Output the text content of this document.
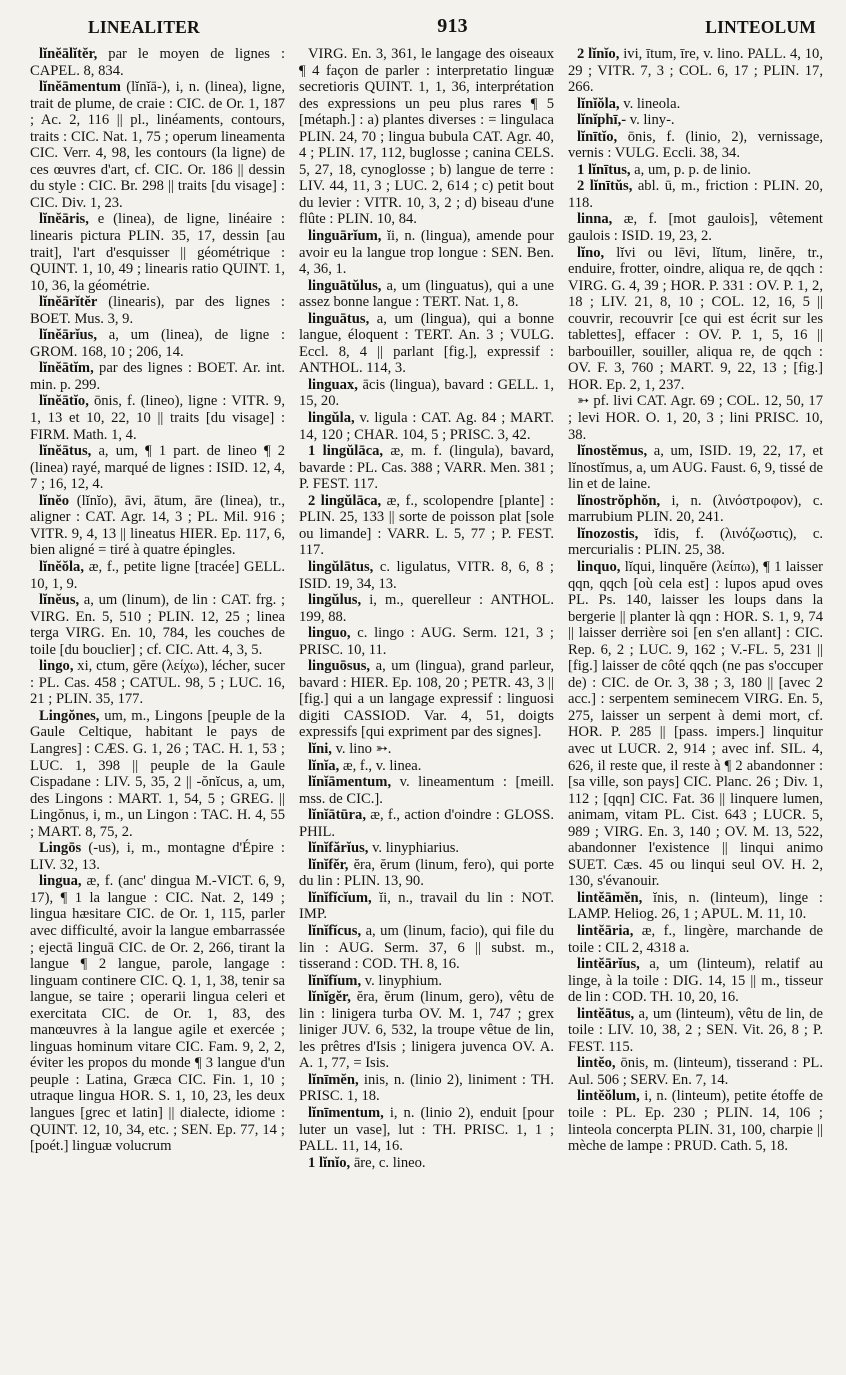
LINEALITER	913	LINTEOLUM

lĭnĕālĭtĕr, par le moyen de lignes : CAPEL. 8, 834.

lĭnĕāmentum (lĭnĭā-), i, n. (linea), ligne, trait de plume, de craie : CIC. de Or. 1, 187 ; Ac. 2, 116 || pl., linéaments, contours, traits : CIC. Nat. 1, 75 ; operum lineamenta CIC. Verr. 4, 98, les contours (la ligne) de ces œuvres d'art, cf. CIC. Or. 186 || dessin du style : CIC. Br. 298 || traits [du visage] : CIC. Div. 1, 23.

lĭnĕāris, e (linea), de ligne, linéaire : linearis pictura PLIN. 35, 17, dessin [au trait], l'art d'esquisser || géométrique : QUINT. 1, 10, 49 ; linearis ratio QUINT. 1, 10, 36, la géométrie.

lĭnĕārĭtĕr (linearis), par des lignes : BOET. Mus. 3, 9.

lĭnĕārĭus, a, um (linea), de ligne : GROM. 168, 10 ; 206, 14.

lĭnĕātĭm, par des lignes : BOET. Ar. int. min. p. 299.

lĭnĕātĭo, ōnis, f. (lineo), ligne : VITR. 9, 1, 13 et 10, 22, 10 || traits [du visage] : FIRM. Math. 1, 4.

lĭnĕātus, a, um, ¶ 1 part. de lineo ¶ 2 (linea) rayé, marqué de lignes : ISID. 12, 4, 7 ; 16, 12, 4.

lĭnĕo (lĭnĭo), āvi, ātum, āre (linea), tr., aligner : CAT. Agr. 14, 3 ; PL. Mil. 916 ; VITR. 9, 4, 13 || lineatus HIER. Ep. 117, 6, bien aligné = tiré à quatre épingles.

lĭnĕŏla, æ, f., petite ligne [tracée] GELL. 10, 1, 9.

lĭnĕus, a, um (linum), de lin : CAT. frg. ; VIRG. En. 5, 510 ; PLIN. 12, 25 ; linea terga VIRG. En. 10, 784, les couches de toile [du bouclier] ; cf. CIC. Att. 4, 3, 5.

lingo, xi, ctum, gĕre (λείχω), lécher, sucer : PL. Cas. 458 ; CATUL. 98, 5 ; LUC. 16, 21 ; PLIN. 35, 177.

Lingŏnes, um, m., Lingons [peuple de la Gaule Celtique, habitant le pays de Langres] : CÆS. G. 1, 26 ; TAC. H. 1, 53 ; LUC. 1, 398 || peuple de la Gaule Cispadane : LIV. 5, 35, 2 || -ŏnĭcus, a, um, des Lingons : MART. 1, 54, 5 ; GREG. || Lingŏnus, i, m., un Lingon : TAC. H. 4, 55 ; MART. 8, 75, 2.

Lingōs (-us), i, m., montagne d'Épire : LIV. 32, 13.

lingua, æ, f. (anc' dingua M.-VICT. 6, 9, 17), ¶ 1 la langue : CIC. Nat. 2, 149 ; lingua hæsitare CIC. de Or. 1, 115, parler avec difficulté, avoir la langue embarrassée ; ejectā linguā CIC. de Or. 2, 266, tirant la langue ¶ 2 langue, parole, langage : linguam continere CIC. Q. 1, 1, 38, tenir sa langue, se taire ; operarii lingua celeri et exercitata CIC. de Or. 1, 83, des manœuvres à la langue agile et exercée ; linguas hominum vitare CIC. Fam. 9, 2, 2, éviter les propos du monde ¶ 3 langue d'un peuple : Latina, Græca CIC. Fin. 1, 10 ; utraque lingua HOR. S. 1, 10, 23, les deux langues [grec et latin] || dialecte, idiome : QUINT. 12, 10, 34, etc. ; SEN. Ep. 77, 14 ; [poét.] linguæ volucrum

VIRG. En. 3, 361, le langage des oiseaux ¶ 4 façon de parler : interpretatio linguæ secretioris QUINT. 1, 1, 36, interprétation des expressions un peu plus rares ¶ 5 [métaph.] : a) plantes diverses : = lingulaca PLIN. 24, 70 ; lingua bubula CAT. Agr. 40, 4 ; PLIN. 17, 112, buglosse ; canina CELS. 5, 27, 18, cynoglosse ; b) langue de terre : LIV. 44, 11, 3 ; LUC. 2, 614 ; c) petit bout du levier : VITR. 10, 3, 2 ; d) biseau d'une flûte : PLIN. 10, 84.

linguārĭum, ĭi, n. (lingua), amende pour avoir eu la langue trop longue : SEN. Ben. 4, 36, 1.

linguātŭlus, a, um (linguatus), qui a une assez bonne langue : TERT. Nat. 1, 8.

linguātus, a, um (lingua), qui a bonne langue, éloquent : TERT. An. 3 ; VULG. Eccl. 8, 4 || parlant [fig.], expressif : ANTHOL. 114, 3.

linguax, ācis (lingua), bavard : GELL. 1, 15, 20.

lingŭla, v. ligula : CAT. Ag. 84 ; MART. 14, 120 ; CHAR. 104, 5 ; PRISC. 3, 42.

1 lingŭlāca, æ, m. f. (lingula), bavard, bavarde : PL. Cas. 388 ; VARR. Men. 381 ; P. FEST. 117.

2 lingŭlāca, æ, f., scolopendre [plante] : PLIN. 25, 133 || sorte de poisson plat [sole ou limande] : VARR. L. 5, 77 ; P. FEST. 117.

lingŭlātus, c. ligulatus, VITR. 8, 6, 8 ; ISID. 19, 34, 13.

lingŭlus, i, m., querelleur : ANTHOL. 199, 88.

linguo, c. lingo : AUG. Serm. 121, 3 ; PRISC. 10, 11.

linguōsus, a, um (lingua), grand parleur, bavard : HIER. Ep. 108, 20 ; PETR. 43, 3 || [fig.] qui a un langage expressif : linguosi digiti CASSIOD. Var. 4, 51, doigts expressifs [qui expriment par des signes].

lĭni, v. lino ➳.

lĭnĭa, æ, f., v. linea.

lĭnĭāmentum, v. lineamentum : [meill. mss. de CIC.].

lĭnĭātūra, æ, f., action d'oindre : GLOSS. PHIL.

lĭnĭfărĭus, v. linyphiarius.

lĭnĭfĕr, ĕra, ĕrum (linum, fero), qui porte du lin : PLIN. 13, 90.

lĭnĭfĭcĭum, ĭi, n., travail du lin : NOT. IMP.

lĭnĭfĭcus, a, um (linum, facio), qui file du lin : AUG. Serm. 37, 6 || subst. m., tisserand : COD. TH. 8, 16.

lĭnĭfĭum, v. linyphium.

lĭnĭgĕr, ĕra, ĕrum (linum, gero), vêtu de lin : linigera turba OV. M. 1, 747 ; grex liniger JUV. 6, 532, la troupe vêtue de lin, les prêtres d'Isis ; linigera juvenca OV. A. A. 1, 77, = Isis.

lĭnīmĕn, inis, n. (linio 2), liniment : TH. PRISC. 1, 18.

lĭnīmentum, i, n. (linio 2), enduit [pour luter un vase], lut : TH. PRISC. 1, 1 ; PALL. 11, 14, 16.

1 lĭnĭo, āre, c. lineo.

2 lĭnĭo, ivi, ītum, īre, v. lino. PALL. 4, 10, 29 ; VITR. 7, 3 ; COL. 6, 17 ; PLIN. 17, 266.

lĭnĭŏla, v. lineola.

lĭnĭphī,- v. liny-.

lĭnītĭo, ōnis, f. (linio, 2), vernissage, vernis : VULG. Eccli. 38, 34.

1 lĭnītus, a, um, p. p. de linio.

2 lĭnītŭs, abl. ū, m., friction : PLIN. 20, 118.

linna, æ, f. [mot gaulois], vêtement gaulois : ISID. 19, 23, 2.

lĭno, lĭvi ou lēvi, lĭtum, linĕre, tr., enduire, frotter, oindre, aliqua re, de qqch : VIRG. G. 4, 39 ; HOR. P. 331 : OV. P. 1, 2, 18 ; LIV. 21, 8, 10 ; COL. 12, 16, 5 || couvrir, recouvrir [ce qui est écrit sur les tablettes], effacer : OV. P. 1, 5, 16 || barbouiller, souiller, aliqua re, de qqch : OV. F. 3, 760 ; MART. 9, 22, 13 ; [fig.] HOR. Ep. 2, 1, 237.

➳ pf. livi CAT. Agr. 69 ; COL. 12, 50, 17 ; levi HOR. O. 1, 20, 3 ; lini PRISC. 10, 38.

lĭnostĕmus, a, um, ISID. 19, 22, 17, et lĭnostĭmus, a, um AUG. Faust. 6, 9, tissé de lin et de laine.

lĭnostrŏphŏn, i, n. (λινόστροφον), c. marrubium PLIN. 20, 241.

lĭnozostis, ĭdis, f. (λινόζωστις), c. mercurialis : PLIN. 25, 38.

linquo, lĭqui, linquĕre (λείπω), ¶ 1 laisser qqn, qqch [où cela est] : lupos apud oves PL. Ps. 140, laisser les loups dans la bergerie || planter là qqn : HOR. S. 1, 9, 74 || laisser derrière soi [en s'en allant] : CIC. Rep. 6, 2 ; LUC. 9, 162 ; V.-FL. 5, 231 || [fig.] laisser de côté qqch (ne pas s'occuper de) : CIC. de Or. 3, 38 ; 3, 180 || [avec 2 acc.] : serpentem seminecem VIRG. En. 5, 275, laisser un serpent à demi mort, cf. HOR. P. 285 || [pass. impers.] linquitur avec ut LUCR. 2, 914 ; avec inf. SIL. 4, 626, il reste que, il reste à ¶ 2 abandonner : [sa ville, son pays] CIC. Planc. 26 ; Div. 1, 112 ; [qqn] CIC. Fat. 36 || linquere lumen, animam, vitam PL. Cist. 643 ; LUCR. 5, 989 ; VIRG. En. 3, 140 ; OV. M. 13, 522, abandonner l'existence || linqui animo SUET. Cæs. 45 ou linqui seul OV. H. 2, 130, s'évanouir.

lintĕāmĕn, ĭnis, n. (linteum), linge : LAMP. Heliog. 26, 1 ; APUL. M. 11, 10.

lintĕāria, æ, f., lingère, marchande de toile : CIL 2, 4318 a.

lintĕārĭus, a, um (linteum), relatif au linge, à la toile : DIG. 14, 15 || m., tisseur de lin : COD. TH. 10, 20, 16.

lintĕātus, a, um (linteum), vêtu de lin, de toile : LIV. 10, 38, 2 ; SEN. Vit. 26, 8 ; P. FEST. 115.

lintĕo, ōnis, m. (linteum), tisserand : PL. Aul. 506 ; SERV. En. 7, 14.

lintĕŏlum, i, n. (linteum), petite étoffe de toile : PL. Ep. 230 ; PLIN. 14, 106 ; linteola concerpta PLIN. 31, 100, charpie || mèche de lampe : PRUD. Cath. 5, 18.
